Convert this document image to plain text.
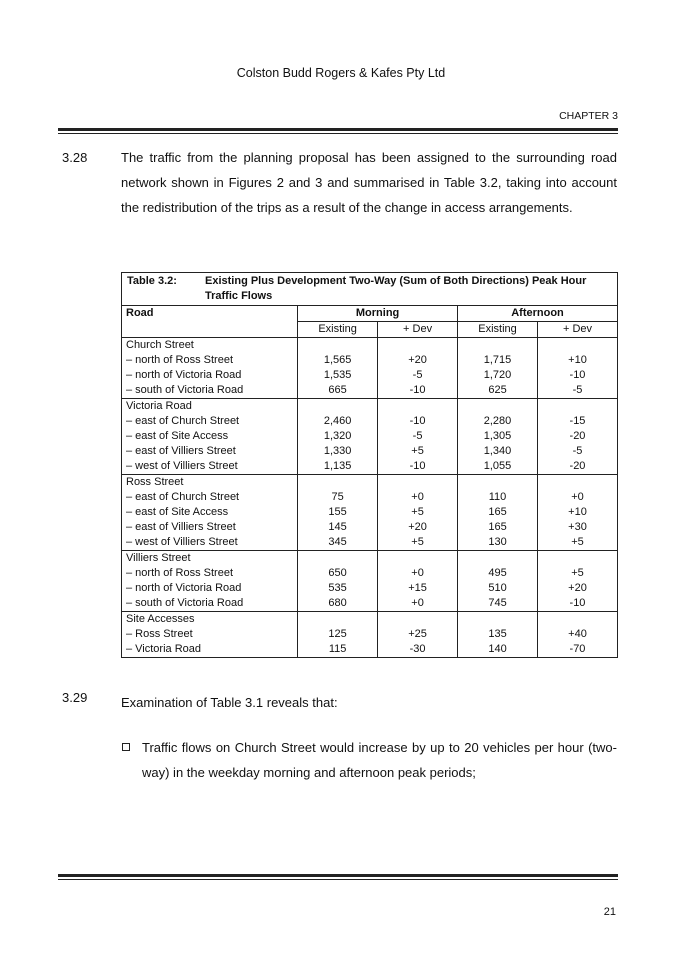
Colston Budd Rogers & Kafes Pty Ltd
CHAPTER 3
3.28	The traffic from the planning proposal has been assigned to the surrounding road network shown in Figures 2 and 3 and summarised in Table 3.2, taking into account the redistribution of the trips as a result of the change in access arrangements.
Table 3.2: Existing Plus Development Two-Way (Sum of Both Directions) Peak Hour Traffic Flows				

Road	Morning		Afternoon	
	Existing	+ Dev	Existing	+ Dev
Church Street				
– north of Ross Street	1,565	+20	1,715	+10
– north of Victoria Road	1,535	-5	1,720	-10
– south of Victoria Road	665	-10	625	-5
Victoria Road				
– east of Church Street	2,460	-10	2,280	-15
– east of Site Access	1,320	-5	1,305	-20
– east of Villiers Street	1,330	+5	1,340	-5
– west of Villiers Street	1,135	-10	1,055	-20
Ross Street				
– east of Church Street	75	+0	110	+0
– east of Site Access	155	+5	165	+10
– east of Villiers Street	145	+20	165	+30
– west of Villiers Street	345	+5	130	+5
Villiers Street				
– north of Ross Street	650	+0	495	+5
– north of Victoria Road	535	+15	510	+20
– south of Victoria Road	680	+0	745	-10
Site Accesses				
– Ross Street	125	+25	135	+40
– Victoria Road	115	-30	140	-70
3.29	Examination of Table 3.1 reveals that:
Traffic flows on Church Street would increase by up to 20 vehicles per hour (two-way) in the weekday morning and afternoon peak periods;
21
